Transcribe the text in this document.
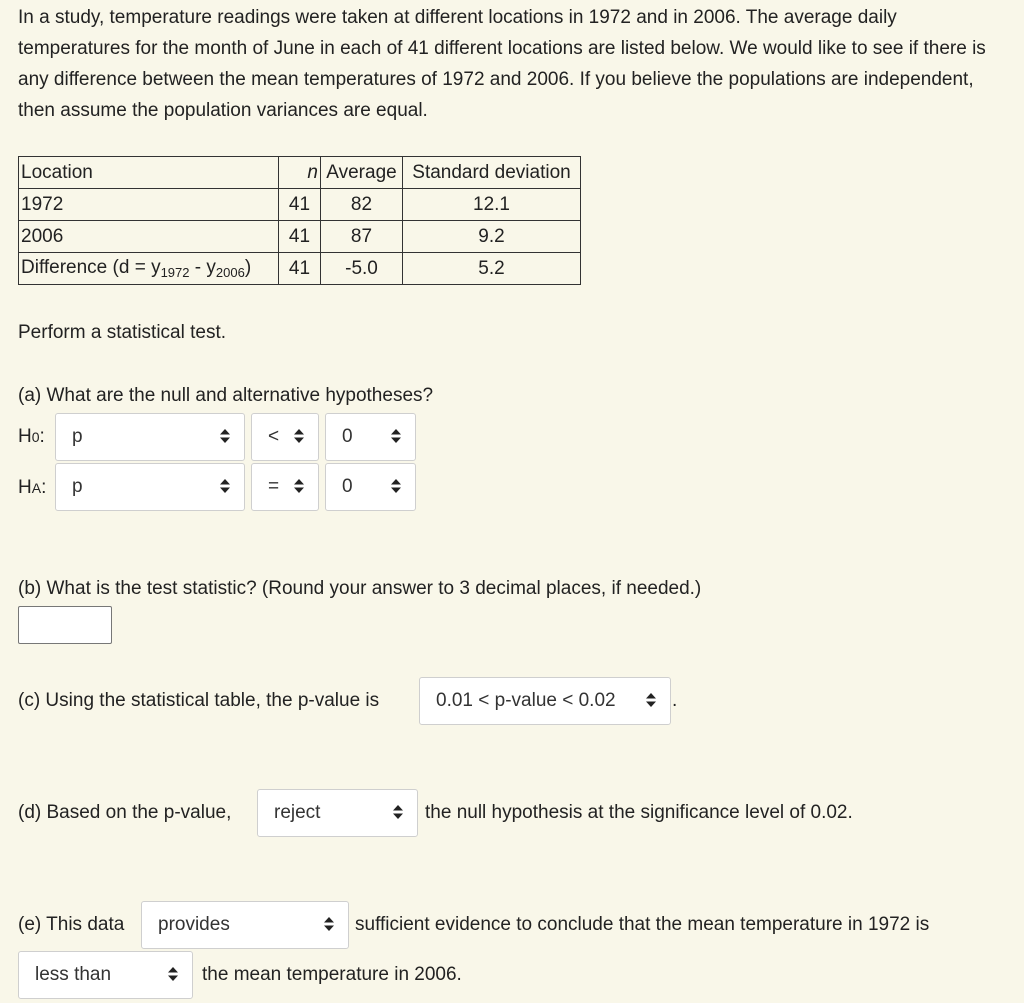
In a study, temperature readings were taken at different locations in 1972 and in 2006. The average daily temperatures for the month of June in each of 41 different locations are listed below. We would like to see if there is any difference between the mean temperatures of 1972 and 2006. If you believe the populations are independent, then assume the population variances are equal.

Location	n	Average	Standard deviation
1972	41	82	12.1
2006	41	87	9.2
Difference $(d = y_{1972} - y_{2006})$	41	-5.0	5.2
Perform a statistical test.
(a) What are the null and alternative hypotheses?
H0: p	<	0
HA: p	=	0
(b) What is the test statistic? (Round your answer to 3 decimal places, if needed.)
(c) Using the statistical table, the p-value is	0.01 < p-value < 0.02	.
(d) Based on the p-value, reject	the null hypothesis at the significance level of 0.02.
(e) This data provides	sufficient evidence to conclude that the mean temperature in 1972 is
less than	the mean temperature in 2006.
